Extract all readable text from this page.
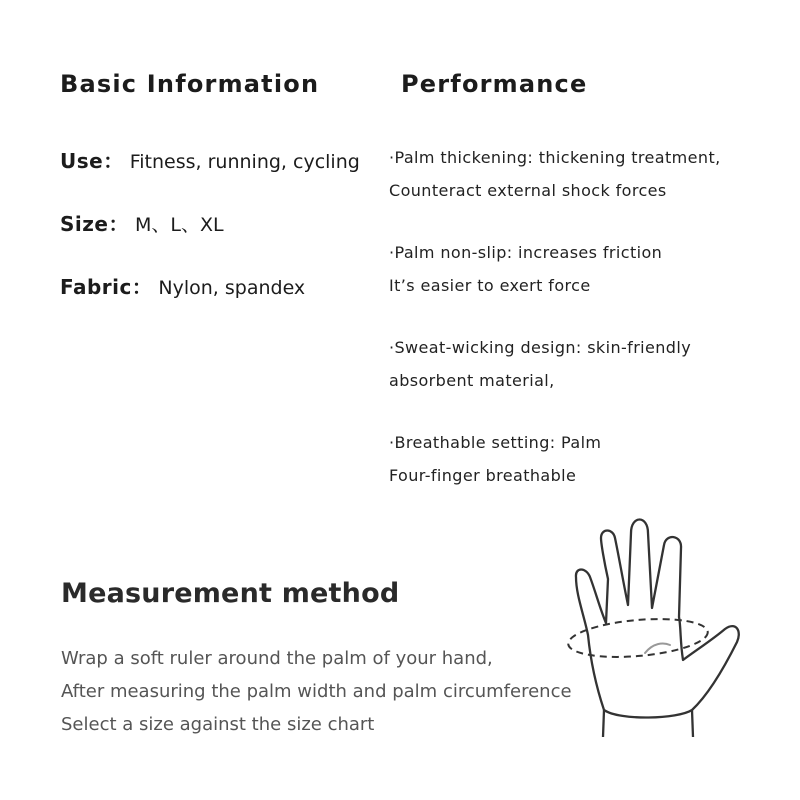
Basic Information
Use： Fitness, running, cycling
Size： M、L、XL
Fabric： Nylon, spandex
Performance
·Palm thickening: thickening treatment,
Counteract external shock forces
·Palm non-slip: increases friction
It’s easier to exert force
·Sweat-wicking design: skin-friendly
absorbent material,
·Breathable setting: Palm
Four-finger breathable
Measurement method
Wrap a soft ruler around the palm of your hand,
After measuring the palm width and palm circumference
Select a size against the size chart
